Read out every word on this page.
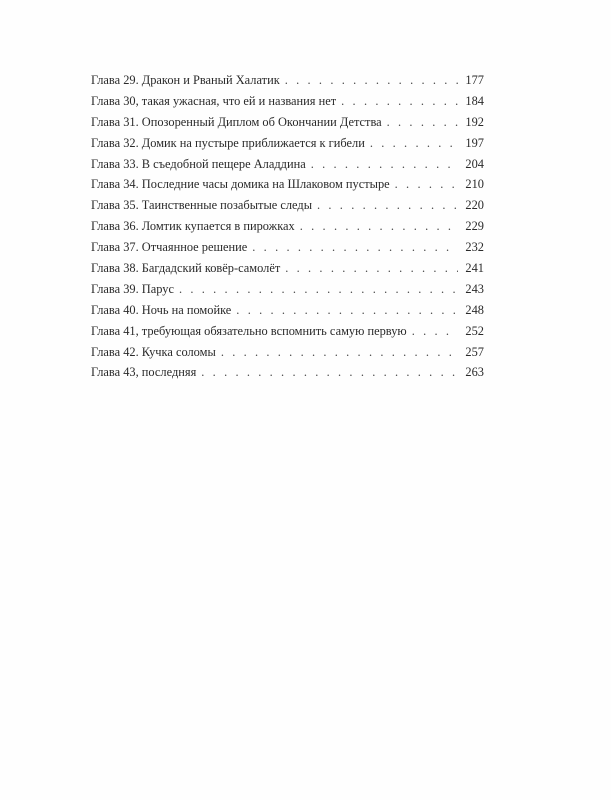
Глава 29. Дракон и Рваный Халатик . . .	177
Глава 30, такая ужасная, что ей и названия нет . . .	184
Глава 31. Опозоренный Диплом об Окончании Детства . . .	192
Глава 32. Домик на пустыре приближается к гибели . . .	197
Глава 33. В съедобной пещере Аладдина . . .	204
Глава 34. Последние часы домика на Шлаковом пустыре . . .	210
Глава 35. Таинственные позабытые следы . . .	220
Глава 36. Ломтик купается в пирожках . . .	229
Глава 37. Отчаянное решение . . .	232
Глава 38. Багдадский ковёр-самолёт . . .	241
Глава 39. Парус . . .	243
Глава 40. Ночь на помойке . . .	248
Глава 41, требующая обязательно вспомнить самую первую . . .	252
Глава 42. Кучка соломы . . .	257
Глава 43, последняя . . .	263
